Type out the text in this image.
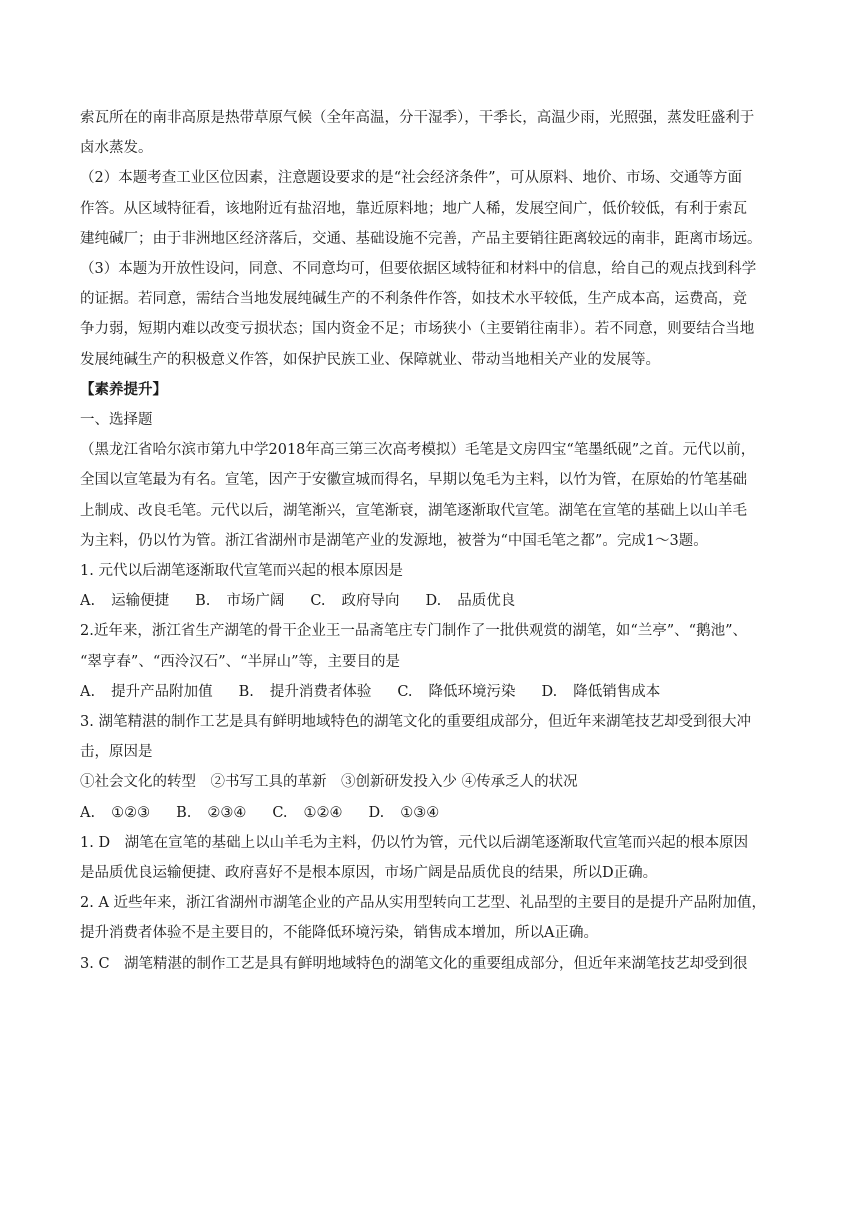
索瓦所在的南非高原是热带草原气候（全年高温，分干湿季），干季长，高温少雨，光照强，蒸发旺盛利于
卤水蒸发。
（2）本题考查工业区位因素，注意题设要求的是“社会经济条件”，可从原料、地价、市场、交通等方面
作答。从区域特征看，该地附近有盐沼地，靠近原料地；地广人稀，发展空间广，低价较低，有利于索瓦
建纯碱厂；由于非洲地区经济落后，交通、基础设施不完善，产品主要销往距离较远的南非，距离市场远。
（3）本题为开放性设问，同意、不同意均可，但要依据区域特征和材料中的信息，给自己的观点找到科学
的证据。若同意，需结合当地发展纯碱生产的不利条件作答，如技术水平较低，生产成本高，运费高，竞
争力弱，短期内难以改变亏损状态；国内资金不足；市场狭小（主要销往南非）。若不同意，则要结合当地
发展纯碱生产的积极意义作答，如保护民族工业、保障就业、带动当地相关产业的发展等。
【素养提升】
一、选择题
（黑龙江省哈尔滨市第九中学2018年高三第三次高考模拟）毛笔是文房四宝“笔墨纸砚”之首。元代以前，
全国以宣笔最为有名。宣笔，因产于安徽宣城而得名，早期以兔毛为主料，以竹为管，在原始的竹笔基础
上制成、改良毛笔。元代以后，湖笔渐兴，宣笔渐衰，湖笔逐渐取代宣笔。湖笔在宣笔的基础上以山羊毛
为主料，仍以竹为管。浙江省湖州市是湖笔产业的发源地，被誉为“中国毛笔之都”。完成1～3题。
1. 元代以后湖笔逐渐取代宣笔而兴起的根本原因是
A. 运输便捷 B. 市场广阔 C. 政府导向 D. 品质优良
2.近年来，浙江省生产湖笔的骨干企业王一品斋笔庄专门制作了一批供观赏的湖笔，如“兰亭”、“鹅池”、
“翠亨春”、“西泠汉石”、“半屏山”等，主要目的是
A. 提升产品附加值 B. 提升消费者体验 C. 降低环境污染 D. 降低销售成本
3. 湖笔精湛的制作工艺是具有鲜明地域特色的湖笔文化的重要组成部分，但近年来湖笔技艺却受到很大冲
击，原因是
①社会文化的转型　②书写工具的革新　③创新研发投入少 ④传承乏人的状况
A. ①②③ B. ②③④ C. ①②④ D. ①③④
1. D　湖笔在宣笔的基础上以山羊毛为主料，仍以竹为管，元代以后湖笔逐渐取代宣笔而兴起的根本原因
是品质优良运输便捷、政府喜好不是根本原因，市场广阔是品质优良的结果，所以D正确。
2. A 近些年来，浙江省湖州市湖笔企业的产品从实用型转向工艺型、礼品型的主要目的是提升产品附加值，
提升消费者体验不是主要目的，不能降低环境污染，销售成本增加，所以A正确。
3. C　湖笔精湛的制作工艺是具有鲜明地域特色的湖笔文化的重要组成部分，但近年来湖笔技艺却受到很
